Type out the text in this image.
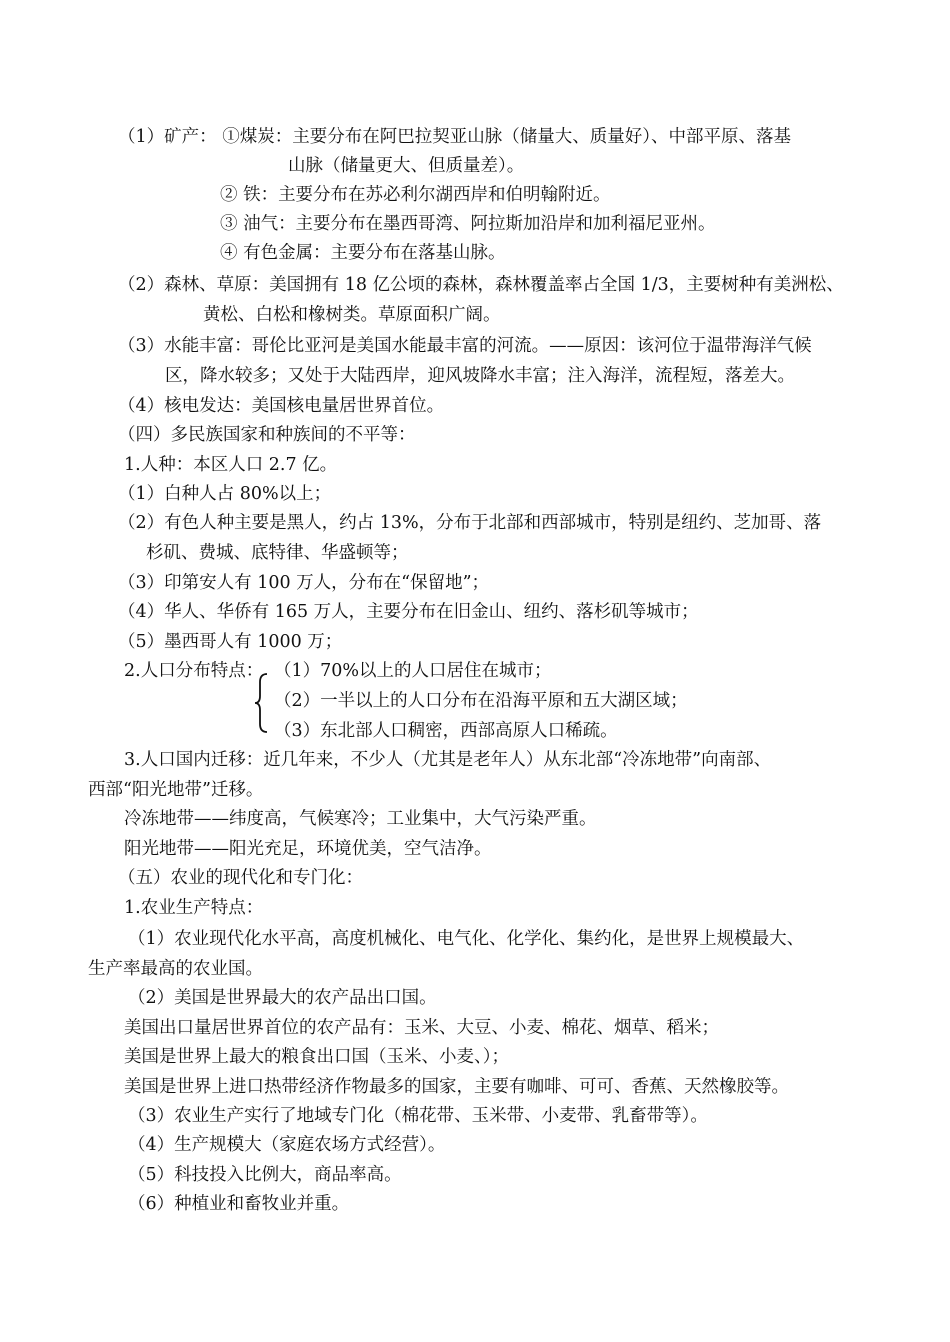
（1）矿产： ①煤炭：主要分布在阿巴拉契亚山脉（储量大、质量好）、中部平原、落基
山脉（储量更大、但质量差）。
② 铁：主要分布在苏必利尔湖西岸和伯明翰附近。
③ 油气：主要分布在墨西哥湾、阿拉斯加沿岸和加利福尼亚州。
④ 有色金属：主要分布在落基山脉。
（2）森林、草原：美国拥有 18 亿公顷的森林，森林覆盖率占全国 1/3，主要树种有美洲松、
黄松、白松和橡树类。草原面积广阔。
（3）水能丰富：哥伦比亚河是美国水能最丰富的河流。——原因：该河位于温带海洋气候
区，降水较多；又处于大陆西岸，迎风坡降水丰富；注入海洋，流程短，落差大。
（4）核电发达：美国核电量居世界首位。
（四）多民族国家和种族间的不平等：
1.人种：本区人口 2.7 亿。
（1）白种人占 80%以上；
（2）有色人种主要是黑人，约占 13%，分布于北部和西部城市，特别是纽约、芝加哥、落
杉矶、费城、底特律、华盛顿等；
（3）印第安人有 100 万人，分布在“保留地”；
（4）华人、华侨有 165 万人，主要分布在旧金山、纽约、落杉矶等城市；
（5）墨西哥人有 1000 万；
2.人口分布特点： （1）70%以上的人口居住在城市；
（2）一半以上的人口分布在沿海平原和五大湖区域；
（3）东北部人口稠密，西部高原人口稀疏。
3.人口国内迁移：近几年来，不少人（尤其是老年人）从东北部“冷冻地带”向南部、
西部“阳光地带”迁移。
冷冻地带——纬度高，气候寒冷；工业集中，大气污染严重。
阳光地带——阳光充足，环境优美，空气洁净。
（五）农业的现代化和专门化：
1.农业生产特点：
（1）农业现代化水平高，高度机械化、电气化、化学化、集约化，是世界上规模最大、
生产率最高的农业国。
（2）美国是世界最大的农产品出口国。
美国出口量居世界首位的农产品有：玉米、大豆、小麦、棉花、烟草、稻米；
美国是世界上最大的粮食出口国（玉米、小麦、）；
美国是世界上进口热带经济作物最多的国家，主要有咖啡、可可、香蕉、天然橡胶等。
（3）农业生产实行了地域专门化（棉花带、玉米带、小麦带、乳畜带等）。
（4）生产规模大（家庭农场方式经营）。
（5）科技投入比例大，商品率高。
（6）种植业和畜牧业并重。
